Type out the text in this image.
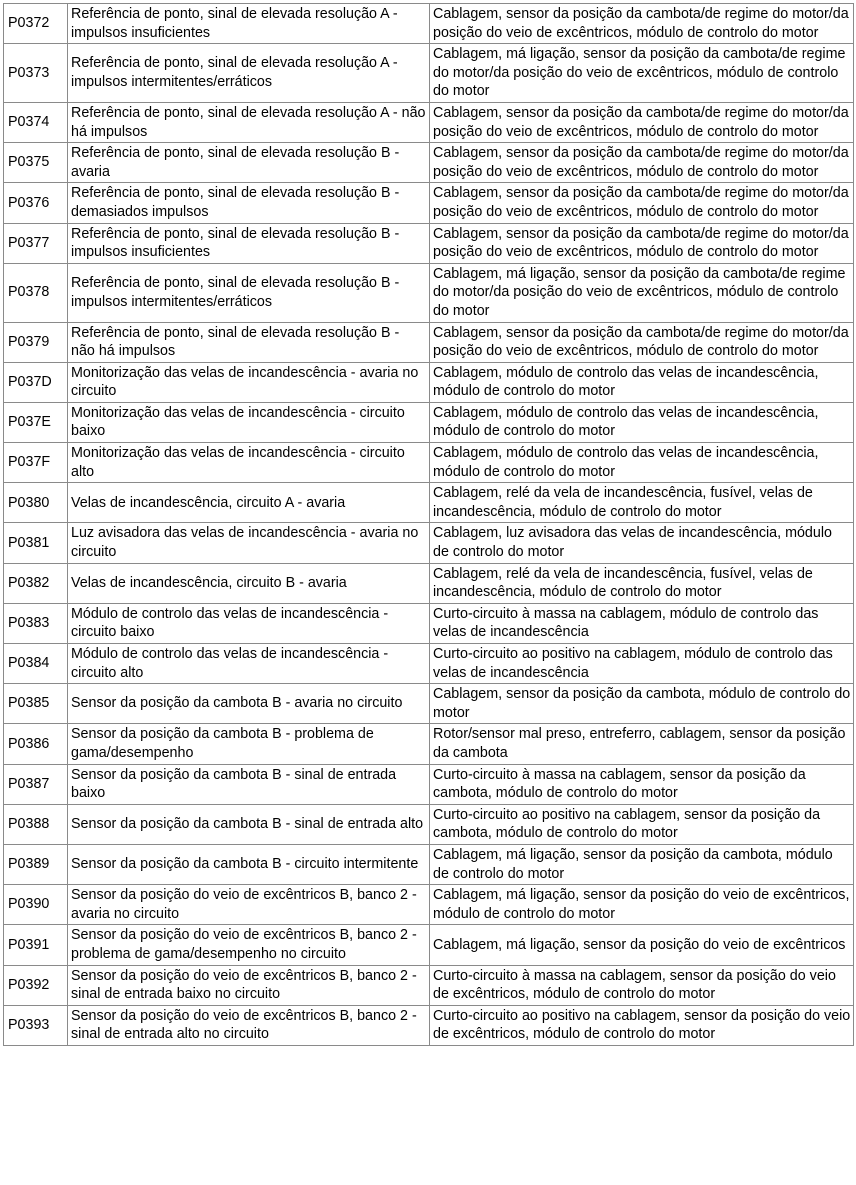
P0372	Referência de ponto, sinal de elevada resolução A - impulsos insuficientes	Cablagem, sensor da posição da cambota/de regime do motor/da posição do veio de excêntricos, módulo de controlo do motor
P0373	Referência de ponto, sinal de elevada resolução A - impulsos intermitentes/erráticos	Cablagem, má ligação, sensor da posição da cambota/de regime do motor/da posição do veio de excêntricos, módulo de controlo do motor
P0374	Referência de ponto, sinal de elevada resolução A - não há impulsos	Cablagem, sensor da posição da cambota/de regime do motor/da posição do veio de excêntricos, módulo de controlo do motor
P0375	Referência de ponto, sinal de elevada resolução B - avaria	Cablagem, sensor da posição da cambota/de regime do motor/da posição do veio de excêntricos, módulo de controlo do motor
P0376	Referência de ponto, sinal de elevada resolução B - demasiados impulsos	Cablagem, sensor da posição da cambota/de regime do motor/da posição do veio de excêntricos, módulo de controlo do motor
P0377	Referência de ponto, sinal de elevada resolução B - impulsos insuficientes	Cablagem, sensor da posição da cambota/de regime do motor/da posição do veio de excêntricos, módulo de controlo do motor
P0378	Referência de ponto, sinal de elevada resolução B - impulsos intermitentes/erráticos	Cablagem, má ligação, sensor da posição da cambota/de regime do motor/da posição do veio de excêntricos, módulo de controlo do motor
P0379	Referência de ponto, sinal de elevada resolução B - não há impulsos	Cablagem, sensor da posição da cambota/de regime do motor/da posição do veio de excêntricos, módulo de controlo do motor
P037D	Monitorização das velas de incandescência - avaria no circuito	Cablagem, módulo de controlo das velas de incandescência, módulo de controlo do motor
P037E	Monitorização das velas de incandescência - circuito baixo	Cablagem, módulo de controlo das velas de incandescência, módulo de controlo do motor
P037F	Monitorização das velas de incandescência - circuito alto	Cablagem, módulo de controlo das velas de incandescência, módulo de controlo do motor
P0380	Velas de incandescência, circuito A - avaria	Cablagem, relé da vela de incandescência, fusível, velas de incandescência, módulo de controlo do motor
P0381	Luz avisadora das velas de incandescência - avaria no circuito	Cablagem, luz avisadora das velas de incandescência, módulo de controlo do motor
P0382	Velas de incandescência, circuito B - avaria	Cablagem, relé da vela de incandescência, fusível, velas de incandescência, módulo de controlo do motor
P0383	Módulo de controlo das velas de incandescência - circuito baixo	Curto-circuito à massa na cablagem, módulo de controlo das velas de incandescência
P0384	Módulo de controlo das velas de incandescência - circuito alto	Curto-circuito ao positivo na cablagem, módulo de controlo das velas de incandescência
P0385	Sensor da posição da cambota B - avaria no circuito	Cablagem, sensor da posição da cambota, módulo de controlo do motor
P0386	Sensor da posição da cambota B - problema de gama/desempenho	Rotor/sensor mal preso, entreferro, cablagem, sensor da posição da cambota
P0387	Sensor da posição da cambota B - sinal de entrada baixo	Curto-circuito à massa na cablagem, sensor da posição da cambota, módulo de controlo do motor
P0388	Sensor da posição da cambota B - sinal de entrada alto	Curto-circuito ao positivo na cablagem, sensor da posição da cambota, módulo de controlo do motor
P0389	Sensor da posição da cambota B - circuito intermitente	Cablagem, má ligação, sensor da posição da cambota, módulo de controlo do motor
P0390	Sensor da posição do veio de excêntricos B, banco 2 - avaria no circuito	Cablagem, má ligação, sensor da posição do veio de excêntricos, módulo de controlo do motor
P0391	Sensor da posição do veio de excêntricos B, banco 2 - problema de gama/desempenho no circuito	Cablagem, má ligação, sensor da posição do veio de excêntricos
P0392	Sensor da posição do veio de excêntricos B, banco 2 - sinal de entrada baixo no circuito	Curto-circuito à massa na cablagem, sensor da posição do veio de excêntricos, módulo de controlo do motor
P0393	Sensor da posição do veio de excêntricos B, banco 2 - sinal de entrada alto no circuito	Curto-circuito ao positivo na cablagem, sensor da posição do veio de excêntricos, módulo de controlo do motor
